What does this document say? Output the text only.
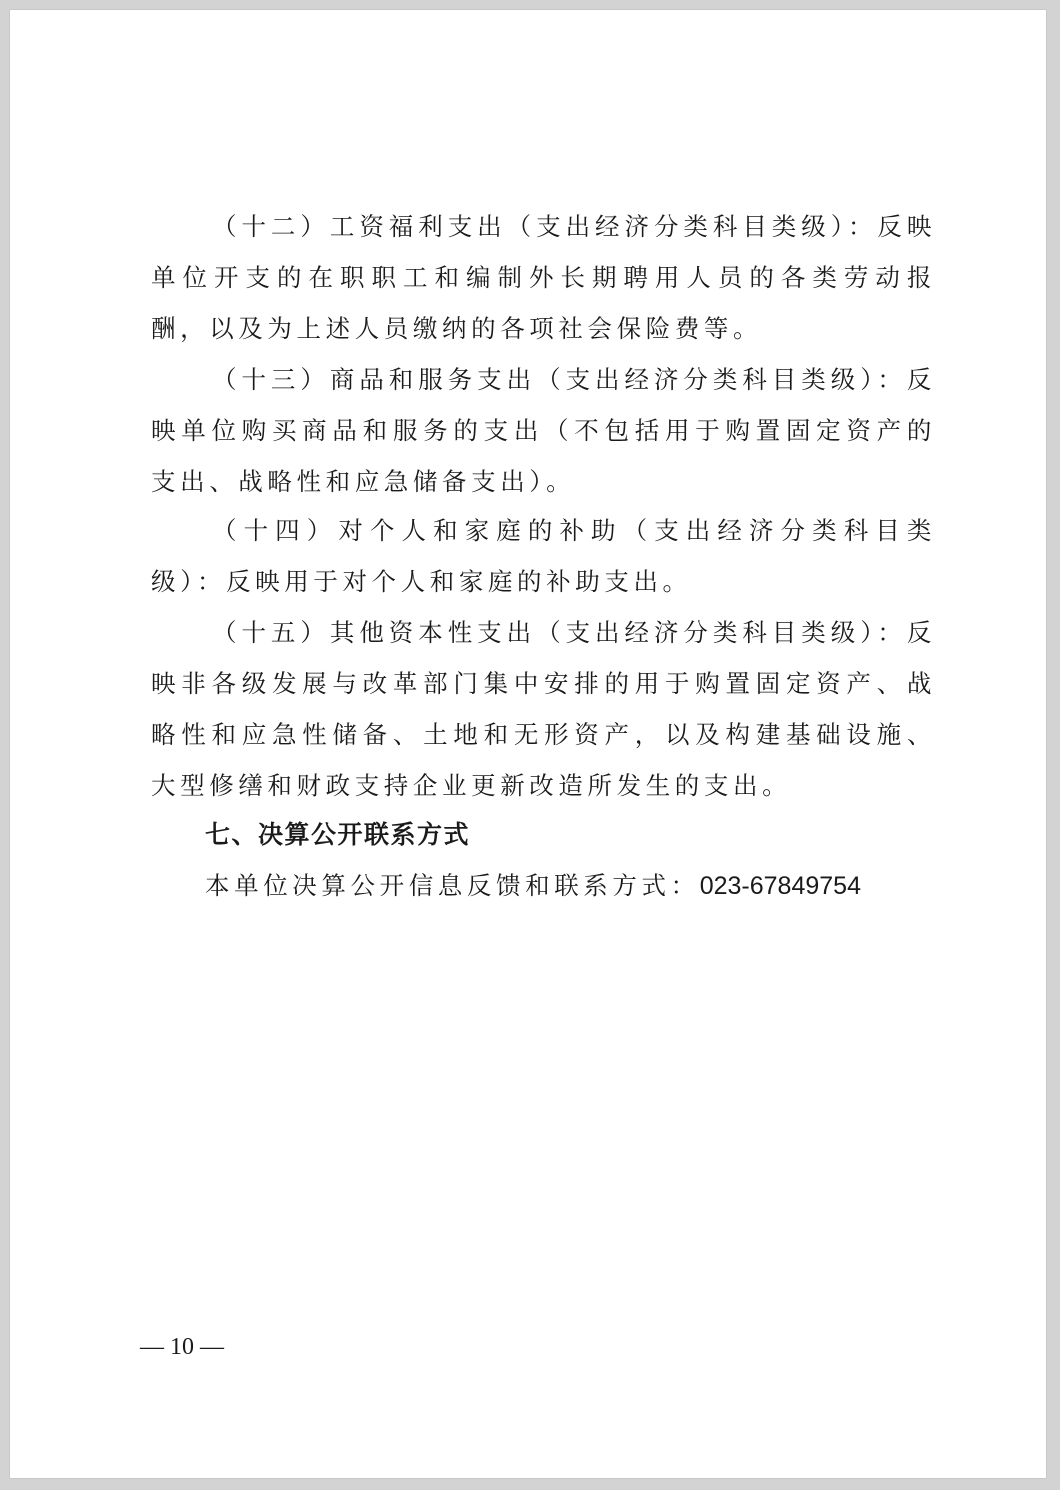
（十二）工资福利支出（支出经济分类科目类级）：反映单位开支的在职职工和编制外长期聘用人员的各类劳动报酬，以及为上述人员缴纳的各项社会保险费等。

（十三）商品和服务支出（支出经济分类科目类级）：反映单位购买商品和服务的支出（不包括用于购置固定资产的支出、战略性和应急储备支出）。

（十四）对个人和家庭的补助（支出经济分类科目类级）：反映用于对个人和家庭的补助支出。

（十五）其他资本性支出（支出经济分类科目类级）：反映非各级发展与改革部门集中安排的用于购置固定资产、战略性和应急性储备、土地和无形资产，以及构建基础设施、大型修缮和财政支持企业更新改造所发生的支出。

七、决算公开联系方式

本单位决算公开信息反馈和联系方式：023-67849754

— 10 —
